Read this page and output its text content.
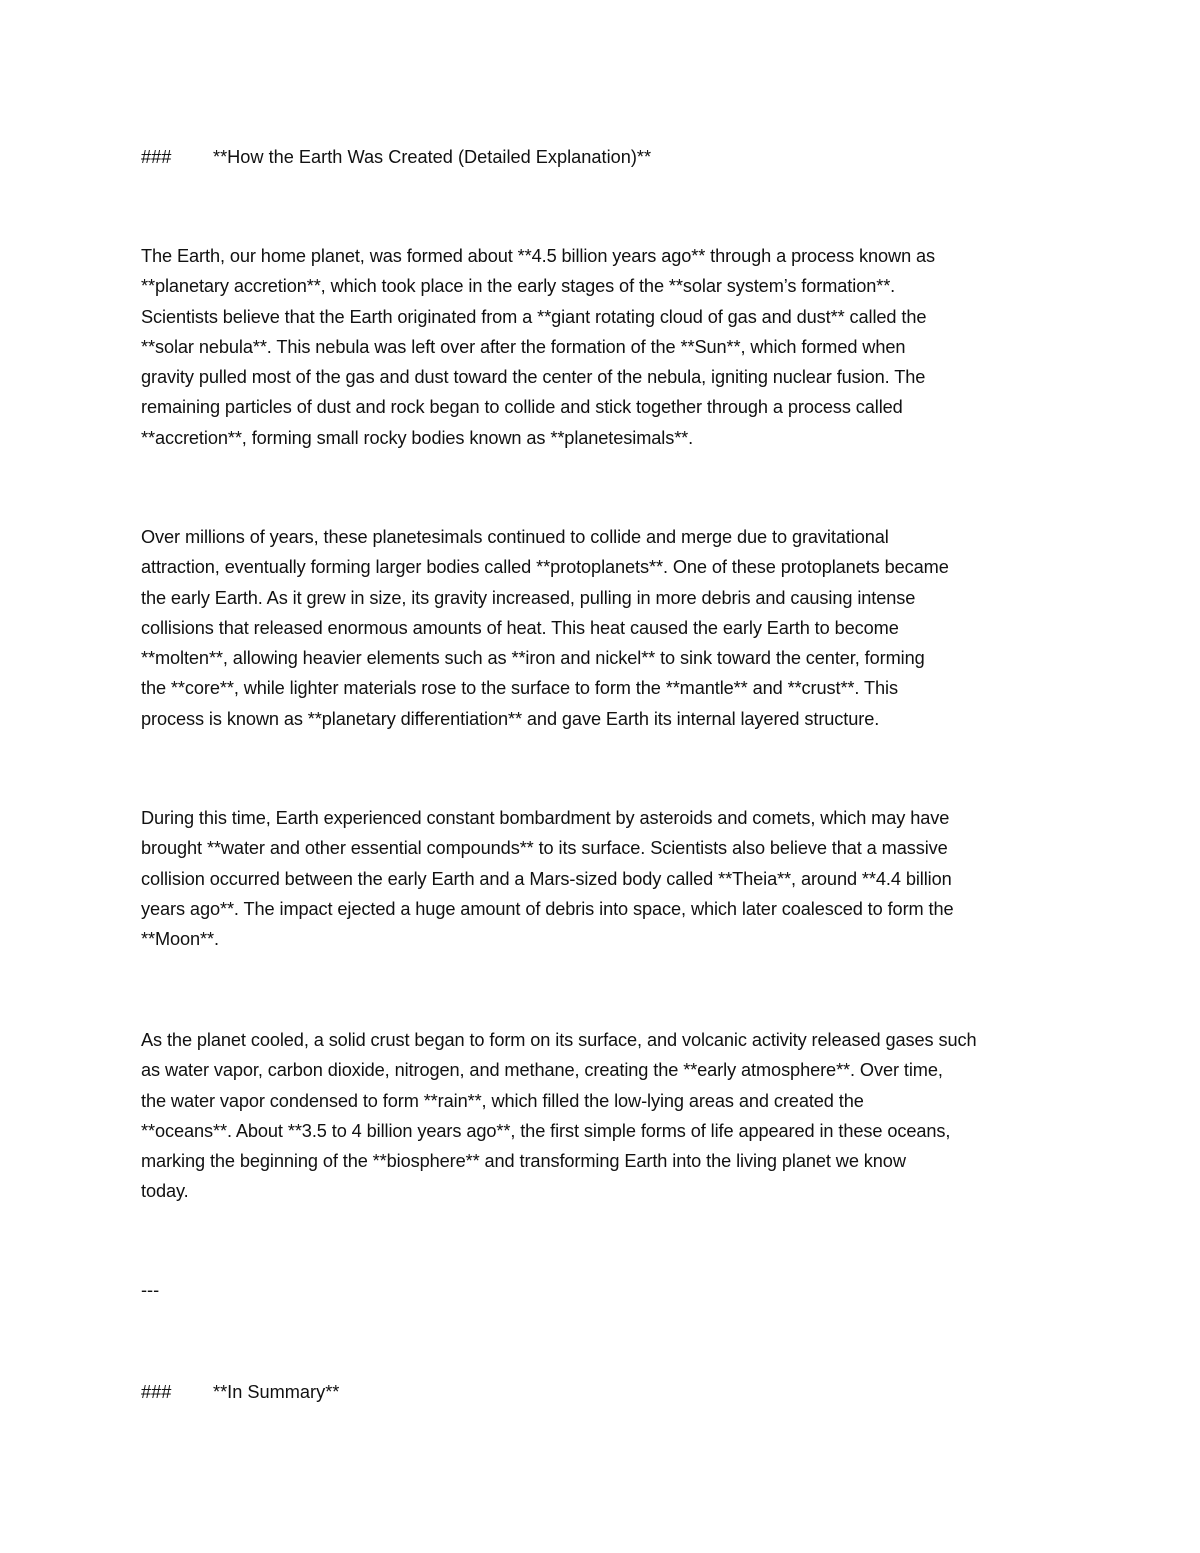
### **How the Earth Was Created (Detailed Explanation)**
The Earth, our home planet, was formed about **4.5 billion years ago** through a process known as
**planetary accretion**, which took place in the early stages of the **solar system’s formation**.
Scientists believe that the Earth originated from a **giant rotating cloud of gas and dust** called the
**solar nebula**. This nebula was left over after the formation of the **Sun**, which formed when
gravity pulled most of the gas and dust toward the center of the nebula, igniting nuclear fusion. The
remaining particles of dust and rock began to collide and stick together through a process called
**accretion**, forming small rocky bodies known as **planetesimals**.
Over millions of years, these planetesimals continued to collide and merge due to gravitational
attraction, eventually forming larger bodies called **protoplanets**. One of these protoplanets became
the early Earth. As it grew in size, its gravity increased, pulling in more debris and causing intense
collisions that released enormous amounts of heat. This heat caused the early Earth to become
**molten**, allowing heavier elements such as **iron and nickel** to sink toward the center, forming
the **core**, while lighter materials rose to the surface to form the **mantle** and **crust**. This
process is known as **planetary differentiation** and gave Earth its internal layered structure.
During this time, Earth experienced constant bombardment by asteroids and comets, which may have
brought **water and other essential compounds** to its surface. Scientists also believe that a massive
collision occurred between the early Earth and a Mars-sized body called **Theia**, around **4.4 billion
years ago**. The impact ejected a huge amount of debris into space, which later coalesced to form the
**Moon**.
As the planet cooled, a solid crust began to form on its surface, and volcanic activity released gases such
as water vapor, carbon dioxide, nitrogen, and methane, creating the **early atmosphere**. Over time,
the water vapor condensed to form **rain**, which filled the low-lying areas and created the
**oceans**. About **3.5 to 4 billion years ago**, the first simple forms of life appeared in these oceans,
marking the beginning of the **biosphere** and transforming Earth into the living planet we know
today.
---
### **In Summary**
